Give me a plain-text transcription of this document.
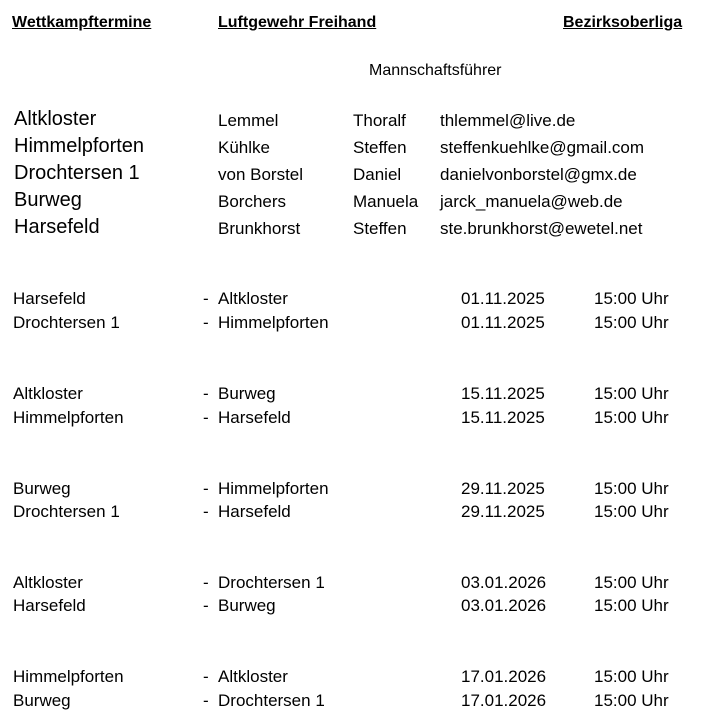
Wettkampftermine	Luftgewehr Freihand	Bezirksoberliga
Mannschaftsführer
Altkloster	Lemmel	Thoralf thlemmel@live.de
Himmelpforten	Kühlke	Steffen steffenkuehlke@gmail.com
Drochtersen 1	von Borstel	Daniel danielvonborstel@gmx.de
Burweg	Borchers	Manuela jarck_manuela@web.de
Harsefeld	Brunkhorst	Steffen ste.brunkhorst@ewetel.net
Harsefeld	- Altkloster	01.11.2025	15:00 Uhr
Drochtersen 1	- Himmelpforten	01.11.2025	15:00 Uhr
Altkloster	- Burweg	15.11.2025	15:00 Uhr
Himmelpforten	- Harsefeld	15.11.2025	15:00 Uhr
Burweg	- Himmelpforten	29.11.2025	15:00 Uhr
Drochtersen 1	- Harsefeld	29.11.2025	15:00 Uhr
Altkloster	- Drochtersen 1	03.01.2026	15:00 Uhr
Harsefeld	- Burweg	03.01.2026	15:00 Uhr
Himmelpforten	- Altkloster	17.01.2026	15:00 Uhr
Burweg	- Drochtersen 1	17.01.2026	15:00 Uhr
